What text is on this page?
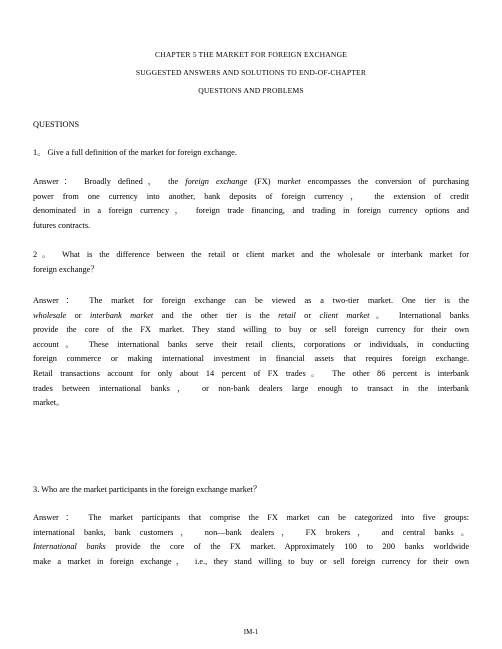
CHAPTER 5 THE MARKET FOR FOREIGN EXCHANGE
SUGGESTED ANSWERS AND SOLUTIONS TO END-OF-CHAPTER
QUESTIONS AND PROBLEMS
QUESTIONS
1。 Give a full definition of the market for foreign exchange.
Answer： Broadly defined， the foreign exchange (FX) market encompasses the conversion of purchasing
power from one currency into another, bank deposits of foreign currency， the extension of credit
denominated in a foreign currency， foreign trade financing, and trading in foreign currency options and
futures contracts.
2。 What is the difference between the retail or client market and the wholesale or interbank market for
foreign exchange？
Answer： The market for foreign exchange can be viewed as a two-tier market. One tier is the
wholesale or interbank market and the other tier is the retail or client market。 International banks
provide the core of the FX market. They stand willing to buy or sell foreign currency for their own
account。 These international banks serve their retail clients, corporations or individuals, in conducting
foreign commerce or making international investment in financial assets that requires foreign exchange.
Retail transactions account for only about 14 percent of FX trades。 The other 86 percent is interbank
trades between international banks， or non-bank dealers large enough to transact in the interbank
market。
3. Who are the market participants in the foreign exchange market？
Answer： The market participants that comprise the FX market can be categorized into five groups:
international banks, bank customers， non—bank dealers， FX brokers， and central banks。
International banks provide the core of the FX market. Approximately 100 to 200 banks worldwide
make a market in foreign exchange， i.e., they stand willing to buy or sell foreign currency for their own
IM-1
